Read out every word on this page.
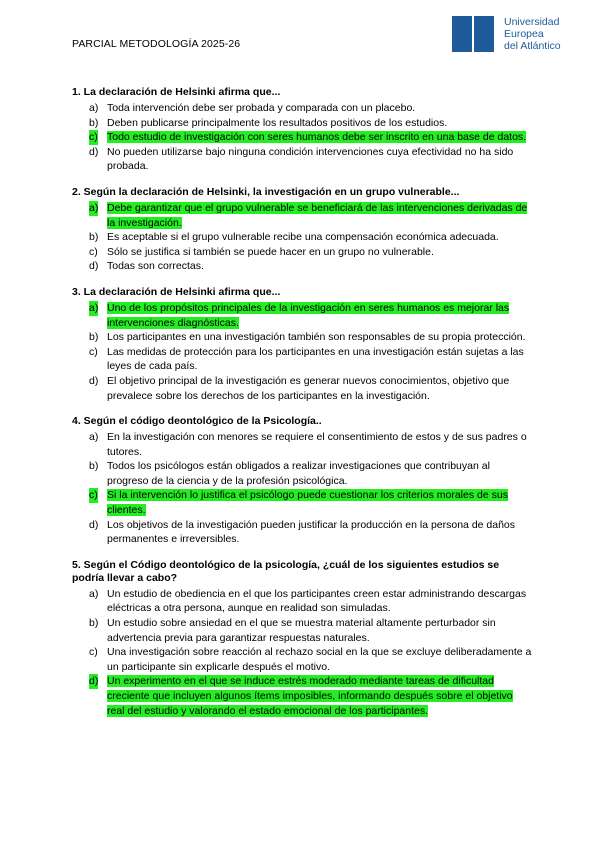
PARCIAL METODOLOGÍA 2025-26
Universidad
Europea
del Atlántico
1. La declaración de Helsinki afirma que...
a) Toda intervención debe ser probada y comparada con un placebo.
b) Deben publicarse principalmente los resultados positivos de los estudios.
c) Todo estudio de investigación con seres humanos debe ser inscrito en una base de datos.
d) No pueden utilizarse bajo ninguna condición intervenciones cuya efectividad no ha sido probada.
2. Según la declaración de Helsinki, la investigación en un grupo vulnerable...
a) Debe garantizar que el grupo vulnerable se beneficiará de las intervenciones derivadas de la investigación.
b) Es aceptable si el grupo vulnerable recibe una compensación económica adecuada.
c) Sólo se justifica si también se puede hacer en un grupo no vulnerable.
d) Todas son correctas.
3. La declaración de Helsinki afirma que...
a) Uno de los propósitos principales de la investigación en seres humanos es mejorar las intervenciones diagnósticas.
b) Los participantes en una investigación también son responsables de su propia protección.
c) Las medidas de protección para los participantes en una investigación están sujetas a las leyes de cada país.
d) El objetivo principal de la investigación es generar nuevos conocimientos, objetivo que prevalece sobre los derechos de los participantes en la investigación.
4. Según el código deontológico de la Psicología..
a) En la investigación con menores se requiere el consentimiento de estos y de sus padres o tutores.
b) Todos los psicólogos están obligados a realizar investigaciones que contribuyan al progreso de la ciencia y de la profesión psicológica.
c) Si la intervención lo justifica el psicólogo puede cuestionar los criterios morales de sus clientes.
d) Los objetivos de la investigación pueden justificar la producción en la persona de daños permanentes e irreversibles.
5. Según el Código deontológico de la psicología, ¿cuál de los siguientes estudios se podría llevar a cabo?
a) Un estudio de obediencia en el que los participantes creen estar administrando descargas eléctricas a otra persona, aunque en realidad son simuladas.
b) Un estudio sobre ansiedad en el que se muestra material altamente perturbador sin advertencia previa para garantizar respuestas naturales.
c) Una investigación sobre reacción al rechazo social en la que se excluye deliberadamente a un participante sin explicarle después el motivo.
d) Un experimento en el que se induce estrés moderado mediante tareas de dificultad creciente que incluyen algunos ítems imposibles, informando después sobre el objetivo real del estudio y valorando el estado emocional de los participantes.
